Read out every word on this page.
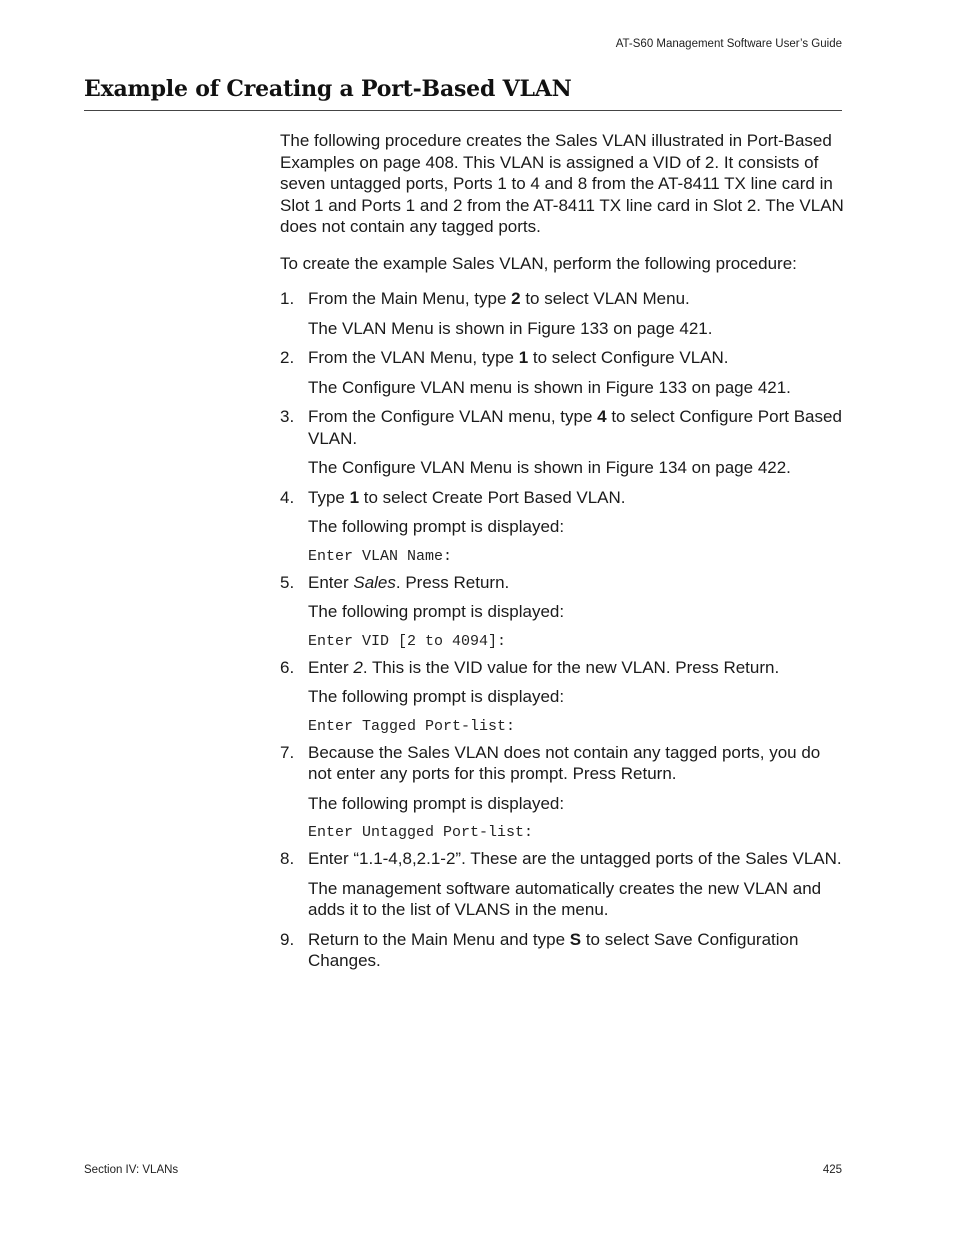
AT-S60 Management Software User’s Guide
Example of Creating a Port-Based VLAN

The following procedure creates the Sales VLAN illustrated in Port-Based Examples on page 408. This VLAN is assigned a VID of 2. It consists of seven untagged ports, Ports 1 to 4 and 8 from the AT-8411 TX line card in Slot 1 and Ports 1 and 2 from the AT-8411 TX line card in Slot 2. The VLAN does not contain any tagged ports.

To create the example Sales VLAN, perform the following procedure:

1. From the Main Menu, type 2 to select VLAN Menu.

The VLAN Menu is shown in Figure 133 on page 421.

2. From the VLAN Menu, type 1 to select Configure VLAN.

The Configure VLAN menu is shown in Figure 133 on page 421.

3. From the Configure VLAN menu, type 4 to select Configure Port Based VLAN.

The Configure VLAN Menu is shown in Figure 134 on page 422.

4. Type 1 to select Create Port Based VLAN.

The following prompt is displayed:

Enter VLAN Name:

5. Enter Sales. Press Return.

The following prompt is displayed:

Enter VID [2 to 4094]:

6. Enter 2. This is the VID value for the new VLAN. Press Return.

The following prompt is displayed:

Enter Tagged Port-list:

7. Because the Sales VLAN does not contain any tagged ports, you do not enter any ports for this prompt. Press Return.

The following prompt is displayed:

Enter Untagged Port-list:

8. Enter “1.1-4,8,2.1-2”. These are the untagged ports of the Sales VLAN.

The management software automatically creates the new VLAN and adds it to the list of VLANS in the menu.

9. Return to the Main Menu and type S to select Save Configuration Changes.
Section IV: VLANs	425
